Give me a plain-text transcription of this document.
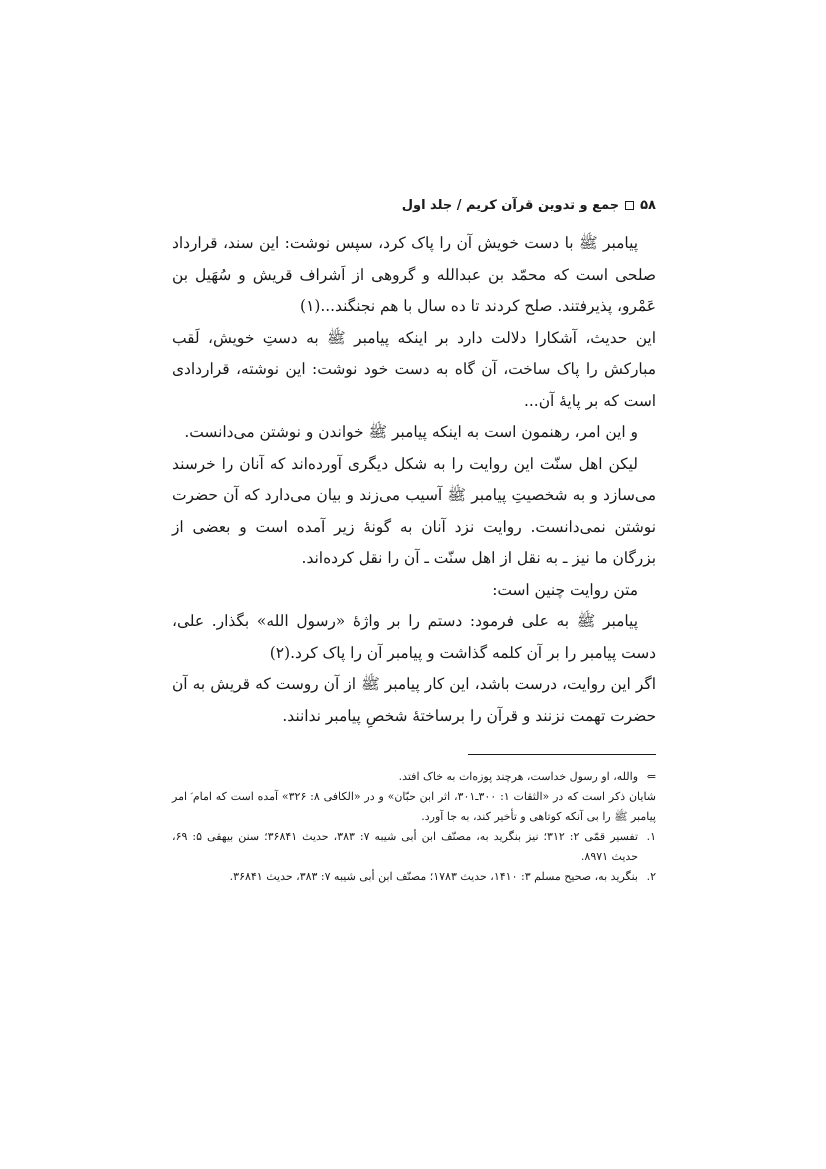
۵۸
جمع و تدوین قرآن کریم / جلد اول

پیامبر ﷺ با دست خویش آن را پاک کرد، سپس نوشت: این سند، قرارداد صلحی است که محمّد بن عبدالله و گروهی از اَشراف قریش و سُهَیل بن عَمْرو، پذیرفتند. صلح کردند تا ده سال با هم نجنگند...(۱)

این حدیث، آشکارا دلالت دارد بر اینکه پیامبر ﷺ به دستِ خویش، لَقب مبارکش را پاک ساخت، آن گاه به دست خود نوشت: این نوشته، قراردادی است که بر پایهٔ آن...

و این امر، رهنمون است به اینکه پیامبر ﷺ خواندن و نوشتن می‌دانست.

لیکن اهل سنّت این روایت را به شکل دیگری آورده‌اند که آنان را خرسند می‌سازد و به شخصیتِ پیامبر ﷺ آسیب می‌زند و بیان می‌دارد که آن حضرت نوشتن نمی‌دانست. روایت نزد آنان به گونهٔ زیر آمده است و بعضی از بزرگان ما نیز ـ به نقل از اهل سنّت ـ آن را نقل کرده‌اند.

متن روایت چنین است:

پیامبر ﷺ به علی فرمود: دستم را بر واژهٔ «رسول الله» بگذار. علی، دست پیامبر را بر آن کلمه گذاشت و پیامبر آن را پاک کرد.(۲)

اگر این روایت، درست باشد، این کار پیامبر ﷺ از آن روست که قریش به آن حضرت تهمت نزنند و قرآن را برساختهٔ شخصِ پیامبر ندانند.

⇐
والله، او رسول خداست، هرچند پوزه‌ات به خاک افتد.

شایان ذکر است که در «الثقات ۱: ۳۰۰ـ۳۰۱، اثر ابن حبّان» و در «الکافی ۸: ۳۲۶» آمده است که امام ؑ امر پیامبر ﷺ را بی آنکه کوتاهی و تأخیر کند، به جا آورد.

۱.
تفسیر قمّی ۲: ۳۱۲؛ نیز بنگرید به، مصنّف ابن أبی شیبه ۷: ۳۸۳، حدیث ۳۶۸۴۱؛ سنن بیهقی ۵: ۶۹، حدیث ۸۹۷۱.
۲.
بنگرید به، صحیح مسلم ۳: ۱۴۱۰، حدیث ۱۷۸۳؛ مصنّف ابن أبی شیبه ۷: ۳۸۳، حدیث ۳۶۸۴۱.
